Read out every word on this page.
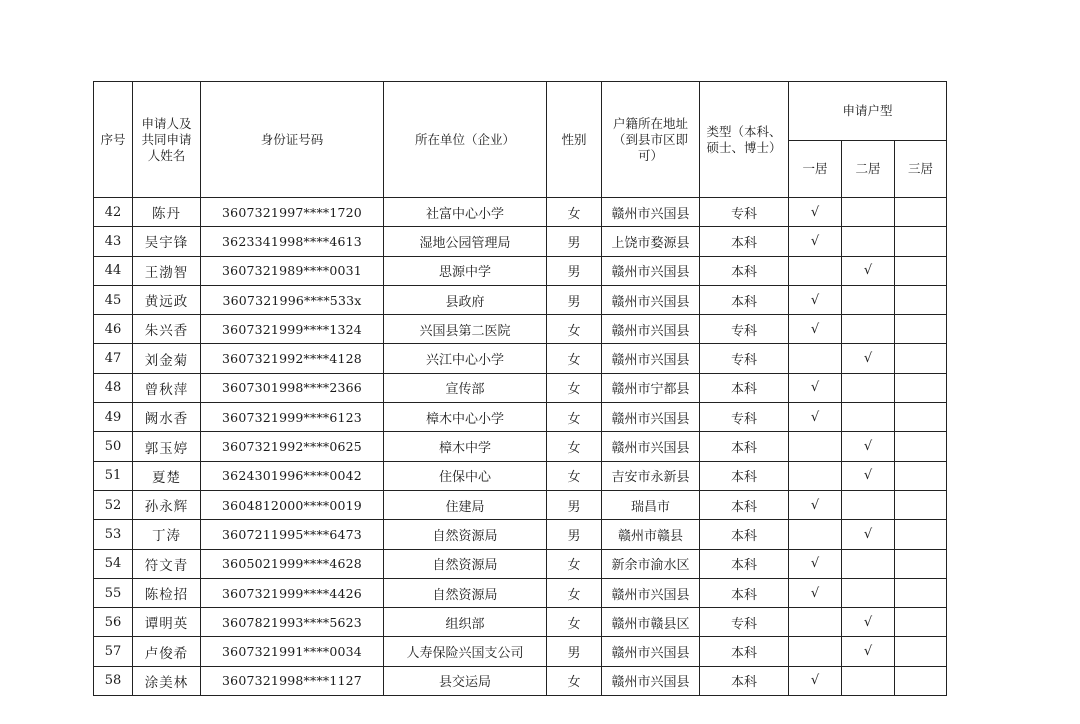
序号	申请人及
共同申请
人姓名	身份证号码	所在单位（企业）	性别	户籍所在地址
（到县市区即
可）	类型（本科、
硕士、博士）	申请户型		
							一居	二居	三居
42	陈丹	3607321997****1720	社富中心小学	女	赣州市兴国县	专科	√		
43	吴宇锋	3623341998****4613	湿地公园管理局	男	上饶市婺源县	本科	√		
44	王渤智	3607321989****0031	思源中学	男	赣州市兴国县	本科		√	
45	黄远政	3607321996****533x	县政府	男	赣州市兴国县	本科	√		
46	朱兴香	3607321999****1324	兴国县第二医院	女	赣州市兴国县	专科	√		
47	刘金菊	3607321992****4128	兴江中心小学	女	赣州市兴国县	专科		√	
48	曾秋萍	3607301998****2366	宣传部	女	赣州市宁都县	本科	√		
49	阙水香	3607321999****6123	樟木中心小学	女	赣州市兴国县	专科	√		
50	郭玉婷	3607321992****0625	樟木中学	女	赣州市兴国县	本科		√	
51	夏楚	3624301996****0042	住保中心	女	吉安市永新县	本科		√	
52	孙永辉	3604812000****0019	住建局	男	瑞昌市	本科	√		
53	丁涛	3607211995****6473	自然资源局	男	赣州市赣县	本科		√	
54	符文青	3605021999****4628	自然资源局	女	新余市渝水区	本科	√		
55	陈检招	3607321999****4426	自然资源局	女	赣州市兴国县	本科	√		
56	谭明英	3607821993****5623	组织部	女	赣州市赣县区	专科		√	
57	卢俊希	3607321991****0034	人寿保险兴国支公司	男	赣州市兴国县	本科		√	
58	涂美林	3607321998****1127	县交运局	女	赣州市兴国县	本科	√		
